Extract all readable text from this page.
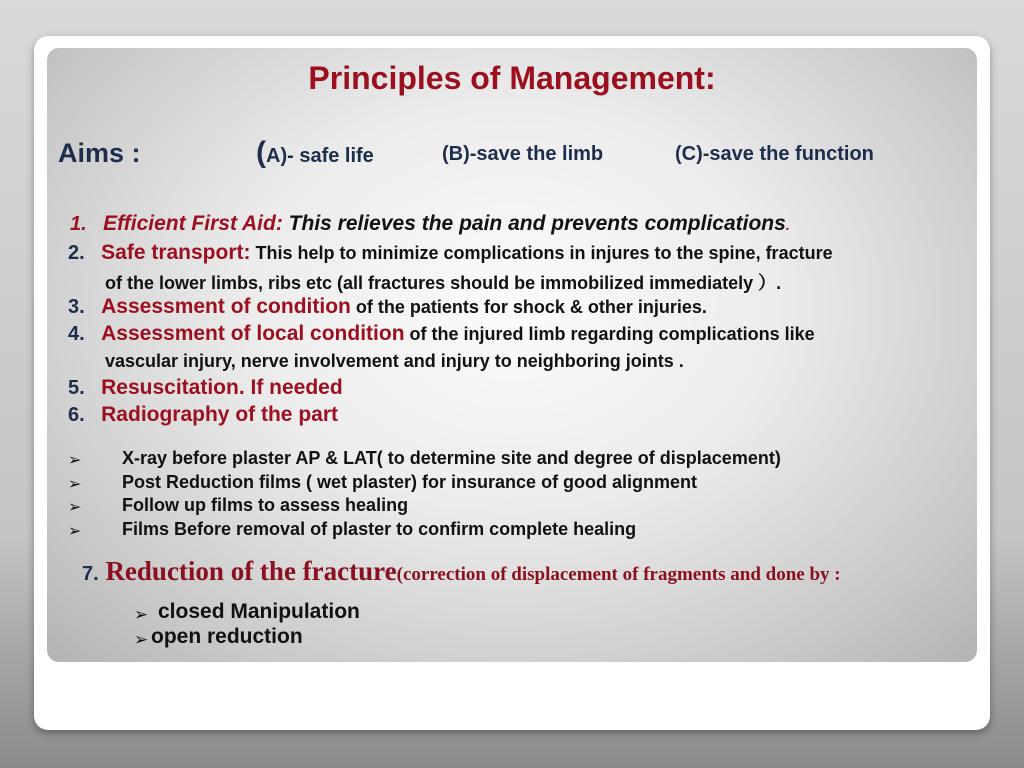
Principles of Management:
Aims :	(A)- safe life	(B)-save the limb	(C)-save the function
1. Efficient First Aid: This relieves the pain and prevents complications.
2. Safe transport: This help to minimize complications in injures to the spine, fracture
of the lower limbs, ribs etc (all fractures should be immobilized immediately ）.
3. Assessment of condition of the patients for shock & other injuries.
4. Assessment of local condition of the injured limb regarding complications like
vascular injury, nerve involvement and injury to neighboring joints .
5. Resuscitation. If needed
6. Radiography of the part
➢ X-ray before plaster AP & LAT( to determine site and degree of displacement)
➢ Post Reduction films ( wet plaster) for insurance of good alignment
➢ Follow up films to assess healing
➢ Films Before removal of plaster to confirm complete healing
7. Reduction of the fracture(correction of displacement of fragments and done by :
➢ closed Manipulation
➢ open reduction
